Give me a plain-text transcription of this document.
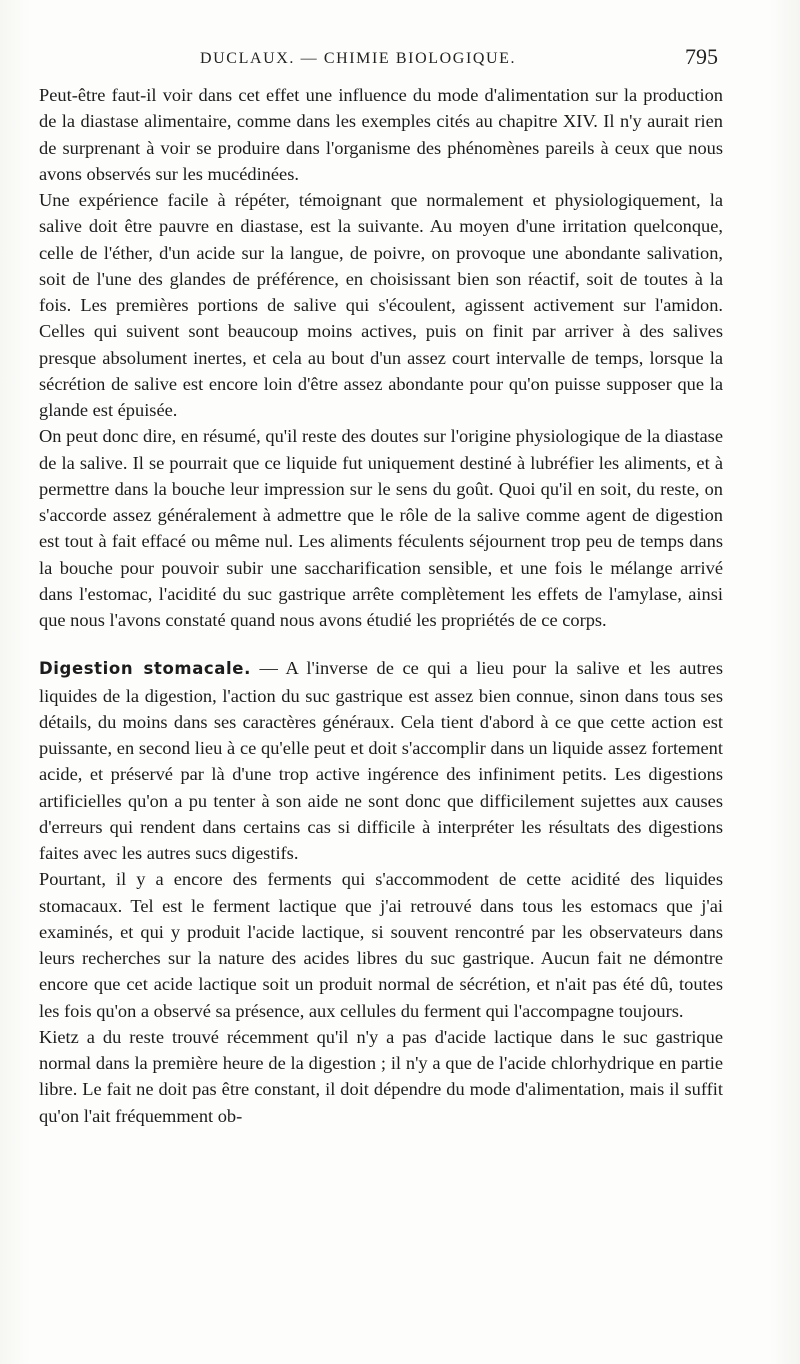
DUCLAUX. — CHIMIE BIOLOGIQUE.	795

Peut-être faut-il voir dans cet effet une influence du mode d'alimentation sur la production de la diastase alimentaire, comme dans les exemples cités au chapitre XIV. Il n'y aurait rien de surprenant à voir se produire dans l'organisme des phénomènes pareils à ceux que nous avons observés sur les mucédinées.

Une expérience facile à répéter, témoignant que normalement et physiologiquement, la salive doit être pauvre en diastase, est la suivante. Au moyen d'une irritation quelconque, celle de l'éther, d'un acide sur la langue, de poivre, on provoque une abondante salivation, soit de l'une des glandes de préférence, en choisissant bien son réactif, soit de toutes à la fois. Les premières portions de salive qui s'écoulent, agissent activement sur l'amidon. Celles qui suivent sont beaucoup moins actives, puis on finit par arriver à des salives presque absolument inertes, et cela au bout d'un assez court intervalle de temps, lorsque la sécrétion de salive est encore loin d'être assez abondante pour qu'on puisse supposer que la glande est épuisée.

On peut donc dire, en résumé, qu'il reste des doutes sur l'origine physiologique de la diastase de la salive. Il se pourrait que ce liquide fut uniquement destiné à lubréfier les aliments, et à permettre dans la bouche leur impression sur le sens du goût. Quoi qu'il en soit, du reste, on s'accorde assez généralement à admettre que le rôle de la salive comme agent de digestion est tout à fait effacé ou même nul. Les aliments féculents séjournent trop peu de temps dans la bouche pour pouvoir subir une saccharification sensible, et une fois le mélange arrivé dans l'estomac, l'acidité du suc gastrique arrête complètement les effets de l'amylase, ainsi que nous l'avons constaté quand nous avons étudié les propriétés de ce corps.

Digestion stomacale. — A l'inverse de ce qui a lieu pour la salive et les autres liquides de la digestion, l'action du suc gastrique est assez bien connue, sinon dans tous ses détails, du moins dans ses caractères généraux. Cela tient d'abord à ce que cette action est puissante, en second lieu à ce qu'elle peut et doit s'accomplir dans un liquide assez fortement acide, et préservé par là d'une trop active ingérence des infiniment petits. Les digestions artificielles qu'on a pu tenter à son aide ne sont donc que difficilement sujettes aux causes d'erreurs qui rendent dans certains cas si difficile à interpréter les résultats des digestions faites avec les autres sucs digestifs.

Pourtant, il y a encore des ferments qui s'accommodent de cette acidité des liquides stomacaux. Tel est le ferment lactique que j'ai retrouvé dans tous les estomacs que j'ai examinés, et qui y produit l'acide lactique, si souvent rencontré par les observateurs dans leurs recherches sur la nature des acides libres du suc gastrique. Aucun fait ne démontre encore que cet acide lactique soit un produit normal de sécrétion, et n'ait pas été dû, toutes les fois qu'on a observé sa présence, aux cellules du ferment qui l'accompagne toujours.

Kietz a du reste trouvé récemment qu'il n'y a pas d'acide lactique dans le suc gastrique normal dans la première heure de la digestion ; il n'y a que de l'acide chlorhydrique en partie libre. Le fait ne doit pas être constant, il doit dépendre du mode d'alimentation, mais il suffit qu'on l'ait fréquemment ob-
